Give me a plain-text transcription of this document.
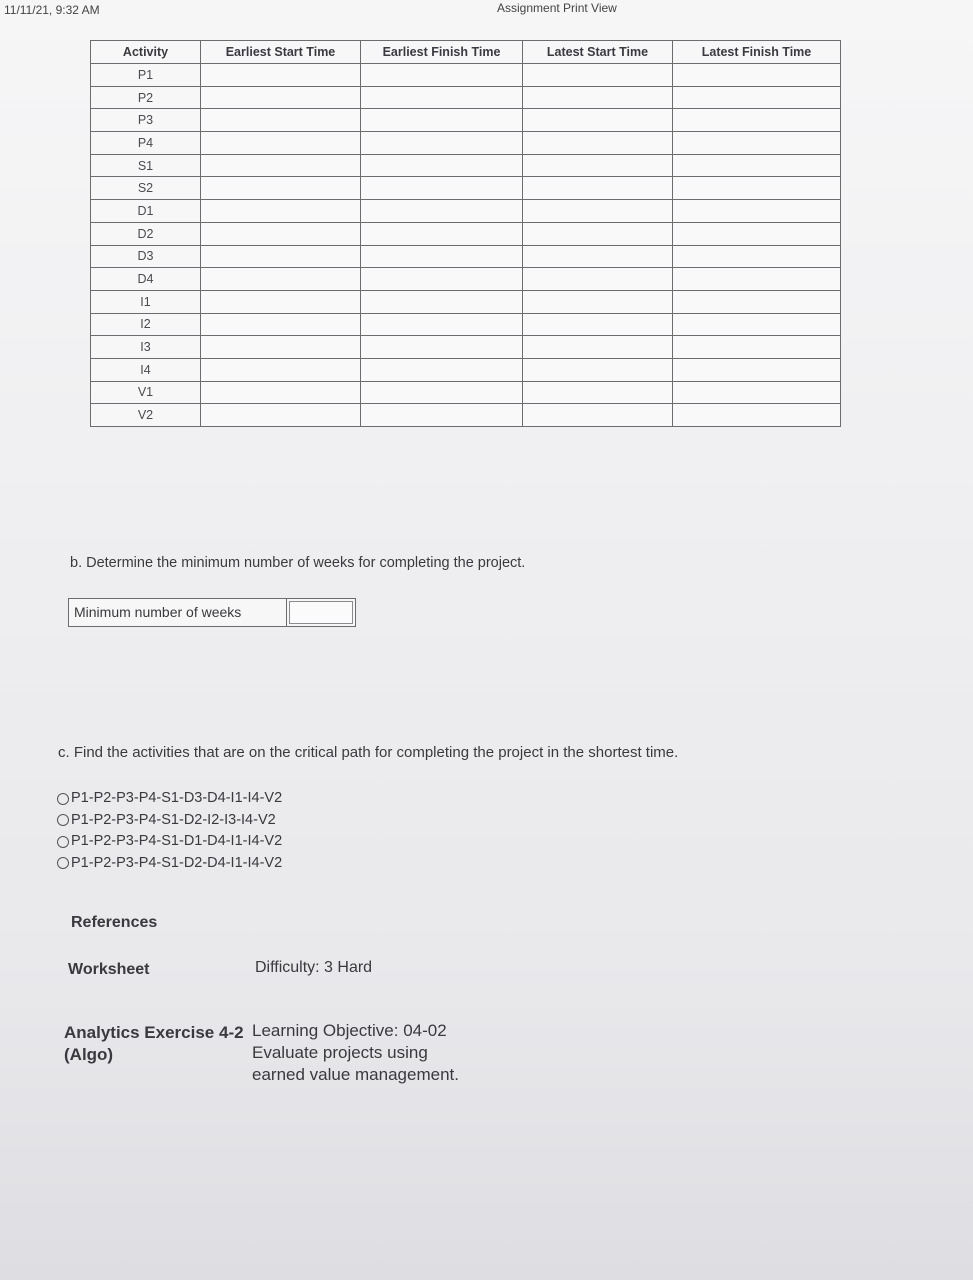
11/11/21, 9:32 AM	Assignment Print View
Activity	Earliest Start Time	Earliest Finish Time	Latest Start Time	Latest Finish Time
P1				
P2				
P3				
P4				
S1				
S2				
D1				
D2				
D3				
D4				
I1				
I2				
I3				
I4				
V1				
V2				
b. Determine the minimum number of weeks for completing the project.
Minimum number of weeks
c. Find the activities that are on the critical path for completing the project in the shortest time.
P1-P2-P3-P4-S1-D3-D4-I1-I4-V2
P1-P2-P3-P4-S1-D2-I2-I3-I4-V2
P1-P2-P3-P4-S1-D1-D4-I1-I4-V2
P1-P2-P3-P4-S1-D2-D4-I1-I4-V2
References
Worksheet	Difficulty: 3 Hard
Analytics Exercise 4-2 (Algo)
Learning Objective: 04-02 Evaluate projects using earned value management.
